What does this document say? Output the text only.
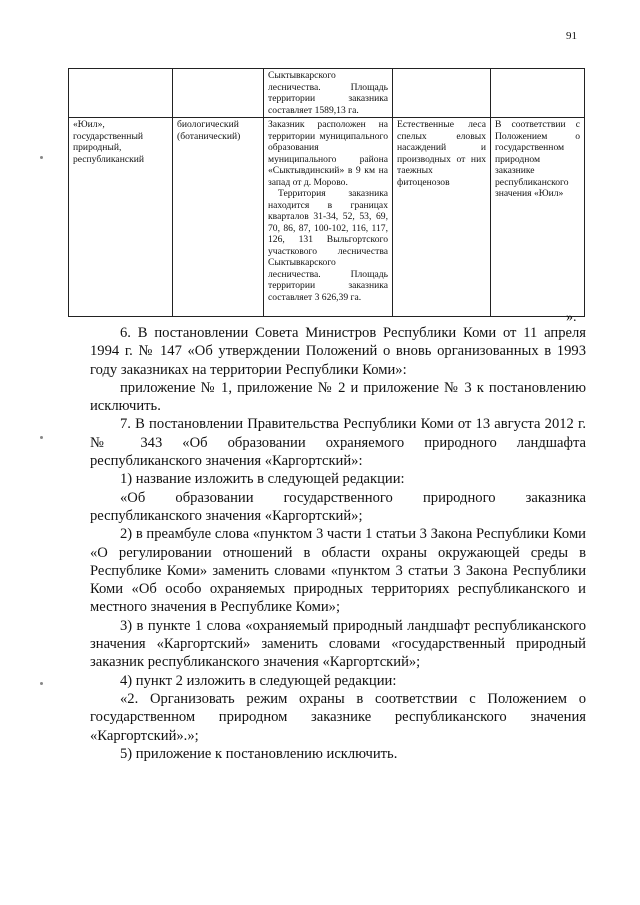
91
		Сыктывкарского лесничества. Площадь территории заказника составляет 1589,13 га.		
«Юил», государственный природный, республиканский	биологический (ботанический)	Заказник расположен на территории муниципального образования муниципального района «Сыктывдинский» в 9 км на запад от д. Морово.
Территория заказника находится в границах кварталов 31-34, 52, 53, 69, 70, 86, 87, 100-102, 116, 117, 126, 131 Выльгортского участкового лесничества Сыктывкарского лесничества. Площадь территории заказника составляет 3 626,39 га.	Естественные леса спелых еловых насаждений и производных от них таежных фитоценозов	В соответствии с Положением о государственном природном заказнике республиканского значения «Юил»
».

6. В постановлении Совета Министров Республики Коми от 11 апреля 1994 г. № 147 «Об утверждении Положений о вновь организованных в 1993 году заказниках на территории Республики Коми»:

приложение № 1, приложение № 2 и приложение № 3 к постановлению исключить.

7. В постановлении Правительства Республики Коми от 13 августа 2012 г. № 343 «Об образовании охраняемого природного ландшафта республиканского значения «Каргортский»:

1) название изложить в следующей редакции:

«Об образовании государственного природного заказника республиканского значения «Каргортский»;

2) в преамбуле слова «пунктом 3 части 1 статьи 3 Закона Республики Коми «О регулировании отношений в области охраны окружающей среды в Республике Коми» заменить словами «пунктом 3 статьи 3 Закона Республики Коми «Об особо охраняемых природных территориях республиканского и местного значения в Республике Коми»;

3) в пункте 1 слова «охраняемый природный ландшафт республиканского значения «Каргортский» заменить словами «государственный природный заказник республиканского значения «Каргортский»;

4) пункт 2 изложить в следующей редакции:

«2. Организовать режим охраны в соответствии с Положением о государственном природном заказнике республиканского значения «Каргортский».»;

5) приложение к постановлению исключить.
